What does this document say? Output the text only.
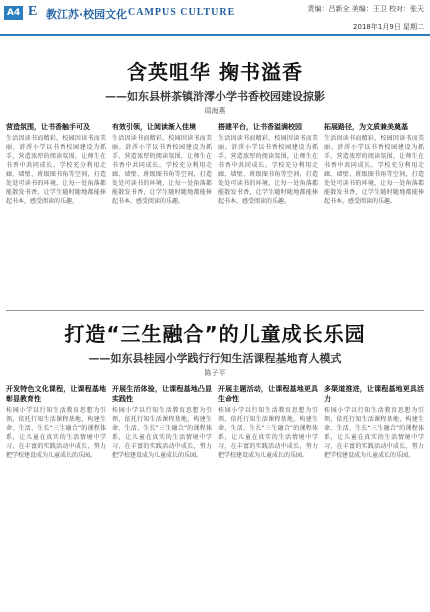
A4 E 教江苏·校园文化 CAMPUS CULTURE	责编：吕新全 美编：王卫 校对：张天
2018年1月9日 星期二
含英咀华 掬书溢香
——如东县栟茶镇浒澪小学书香校园建设掠影
周海燕
营造氛围，让书香触手可及
生活因读书而精彩，校园因读书而美丽。浒澪小学以书香校园建设为抓手，营造浓厚的阅读氛围，让师生在书香中共同成长。学校充分利用走廊、墙壁、班级图书角等空间，打造处处可读书的环境，让每一处角落都能散发书香，让学生随时随地都能捧起书本，感受阅读的乐趣。
有效引领，让阅读渐入佳境
生活因读书而精彩，校园因读书而美丽。浒澪小学以书香校园建设为抓手，营造浓厚的阅读氛围，让师生在书香中共同成长。学校充分利用走廊、墙壁、班级图书角等空间，打造处处可读书的环境，让每一处角落都能散发书香，让学生随时随地都能捧起书本，感受阅读的乐趣。
搭建平台，让书香溢满校园
生活因读书而精彩，校园因读书而美丽。浒澪小学以书香校园建设为抓手，营造浓厚的阅读氛围，让师生在书香中共同成长。学校充分利用走廊、墙壁、班级图书角等空间，打造处处可读书的环境，让每一处角落都能散发书香，让学生随时随地都能捧起书本，感受阅读的乐趣。
拓展路径，为文质兼美奠基
生活因读书而精彩，校园因读书而美丽。浒澪小学以书香校园建设为抓手，营造浓厚的阅读氛围，让师生在书香中共同成长。学校充分利用走廊、墙壁、班级图书角等空间，打造处处可读书的环境，让每一处角落都能散发书香，让学生随时随地都能捧起书本，感受阅读的乐趣。
打造“三生融合”的儿童成长乐园
——如东县桂园小学践行行知生活课程基地育人模式
陈子平
开发特色文化课程，让课程基地彰显教育性
桂园小学以行知生活教育思想为引领，依托行知生活课程基地，构建生命、生活、生长“三生融合”的课程体系，让儿童在真实的生活情境中学习，在丰富的实践活动中成长，努力把学校建设成为儿童成长的乐园。
开展生活体验，让课程基地凸显实践性
桂园小学以行知生活教育思想为引领，依托行知生活课程基地，构建生命、生活、生长“三生融合”的课程体系，让儿童在真实的生活情境中学习，在丰富的实践活动中成长，努力把学校建设成为儿童成长的乐园。
开展主题活动，让课程基地更具生命性
桂园小学以行知生活教育思想为引领，依托行知生活课程基地，构建生命、生活、生长“三生融合”的课程体系，让儿童在真实的生活情境中学习，在丰富的实践活动中成长，努力把学校建设成为儿童成长的乐园。
多渠道推进，让课程基地更具活力
桂园小学以行知生活教育思想为引领，依托行知生活课程基地，构建生命、生活、生长“三生融合”的课程体系，让儿童在真实的生活情境中学习，在丰富的实践活动中成长，努力把学校建设成为儿童成长的乐园。
